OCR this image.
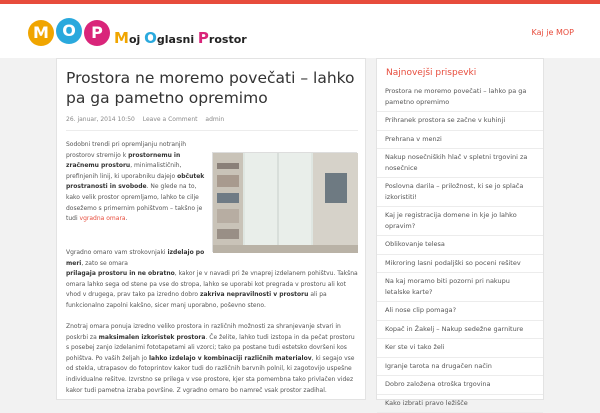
M O P Moj Oglasni Prostor
Kaj je MOP
Prostora ne moremo povečati – lahko pa ga pametno opremimo
26. januar, 2014 10:50 Leave a Comment admin

Sodobni trendi pri opremljanju notranjih prostorov stremijo k prostornemu in zračnemu prostoru, minimalističnih, prefinjenih linij, ki uporabniku dajejo občutek prostranosti in svobode. Ne glede na to, kako velik prostor opremljamo, lahko te cilje dosežemo s primernim pohištvom – takšno je tudi vgradna omara.

Vgradno omaro vam strokovnjaki izdelajo po meri, zato se omara

prilagaja prostoru in ne obratno, kakor je v navadi pri že vnaprej izdelanem pohištvu. Takšna omara lahko sega od stene pa vse do stropa, lahko se uporabi kot pregrada v prostoru ali kot vhod v drugega, prav tako pa izredno dobro zakriva nepravilnosti v prostoru ali pa funkcionalno zapolni kakšno, sicer manj uporabno, poševno steno.

Znotraj omara ponuja izredno veliko prostora in različnih možnosti za shranjevanje stvari in poskrbi za maksimalen izkoristek prostora. Če želite, lahko tudi izstopa in da pečat prostoru s posebej zanjo izdelanimi fototapetami ali vzorci; tako pa postane tudi estetsko dovršeni kos pohištva. Po vaših željah jo lahko izdelajo v kombinaciji različnih materialov, ki segajo vse od stekla, utrapasov do fotoprintov kakor tudi do različnih barvnih polnil, ki zagotovijo uspešne individualne rešitve. Izvrstno se prilega v vse prostore, kjer sta pomembna tako privlačen videz kakor tudi pametna izraba površine. Z vgradno omaro bo namreč vsak prostor zadihal.

Najnovejši prispevki
Prostora ne moremo povečati – lahko pa ga pametno opremimo
Prihranek prostora se začne v kuhinji
Prehrana v menzi
Nakup nosečniških hlač v spletni trgovini za nosečnice
Poslovna darila – priložnost, ki se jo splača izkoristiti!
Kaj je registracija domene in kje jo lahko opravim?
Oblikovanje telesa
Mikroring lasni podaljški so poceni rešitev
Na kaj moramo biti pozorni pri nakupu letalske karte?
Ali nose clip pomaga?
Kopač in Žakelj – Nakup sedežne garniture
Ker ste vi tako želi
Igranje tarota na drugačen način
Dobro založena otroška trgovina
Kako izbrati pravo ležišče
